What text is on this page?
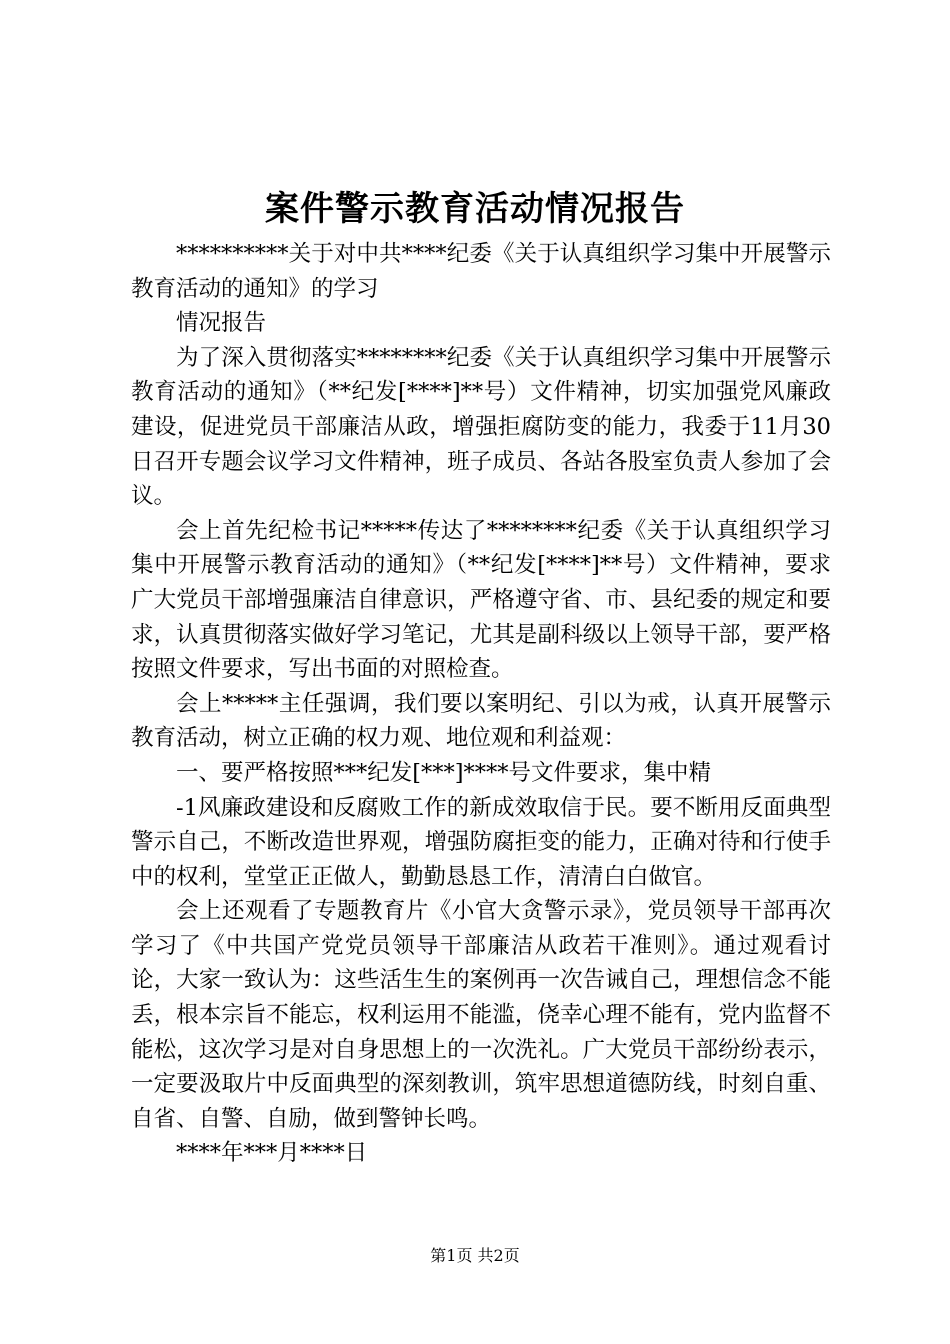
案件警示教育活动情况报告

**********关于对中共****纪委《关于认真组织学习集中开展警示教育活动的通知》的学习

情况报告

为了深入贯彻落实********纪委《关于认真组织学习集中开展警示教育活动的通知》（**纪发[****]**号）文件精神，切实加强党风廉政建设，促进党员干部廉洁从政，增强拒腐防变的能力，我委于11月30日召开专题会议学习文件精神，班子成员、各站各股室负责人参加了会议。

会上首先纪检书记*****传达了********纪委《关于认真组织学习集中开展警示教育活动的通知》（**纪发[****]**号）文件精神，要求广大党员干部增强廉洁自律意识，严格遵守省、市、县纪委的规定和要求，认真贯彻落实做好学习笔记，尤其是副科级以上领导干部，要严格按照文件要求，写出书面的对照检查。

会上*****主任强调，我们要以案明纪、引以为戒，认真开展警示教育活动，树立正确的权力观、地位观和利益观：

一、要严格按照***纪发[***]****号文件要求，集中精

-1风廉政建设和反腐败工作的新成效取信于民。要不断用反面典型警示自己，不断改造世界观，增强防腐拒变的能力，正确对待和行使手中的权利，堂堂正正做人，勤勤恳恳工作，清清白白做官。

会上还观看了专题教育片《小官大贪警示录》，党员领导干部再次学习了《中共国产党党员领导干部廉洁从政若干准则》。通过观看讨论，大家一致认为：这些活生生的案例再一次告诫自己，理想信念不能丢，根本宗旨不能忘，权利运用不能滥，侥幸心理不能有，党内监督不能松，这次学习是对自身思想上的一次洗礼。广大党员干部纷纷表示，一定要汲取片中反面典型的深刻教训，筑牢思想道德防线，时刻自重、自省、自警、自励，做到警钟长鸣。

****年***月****日

第1页 共2页
